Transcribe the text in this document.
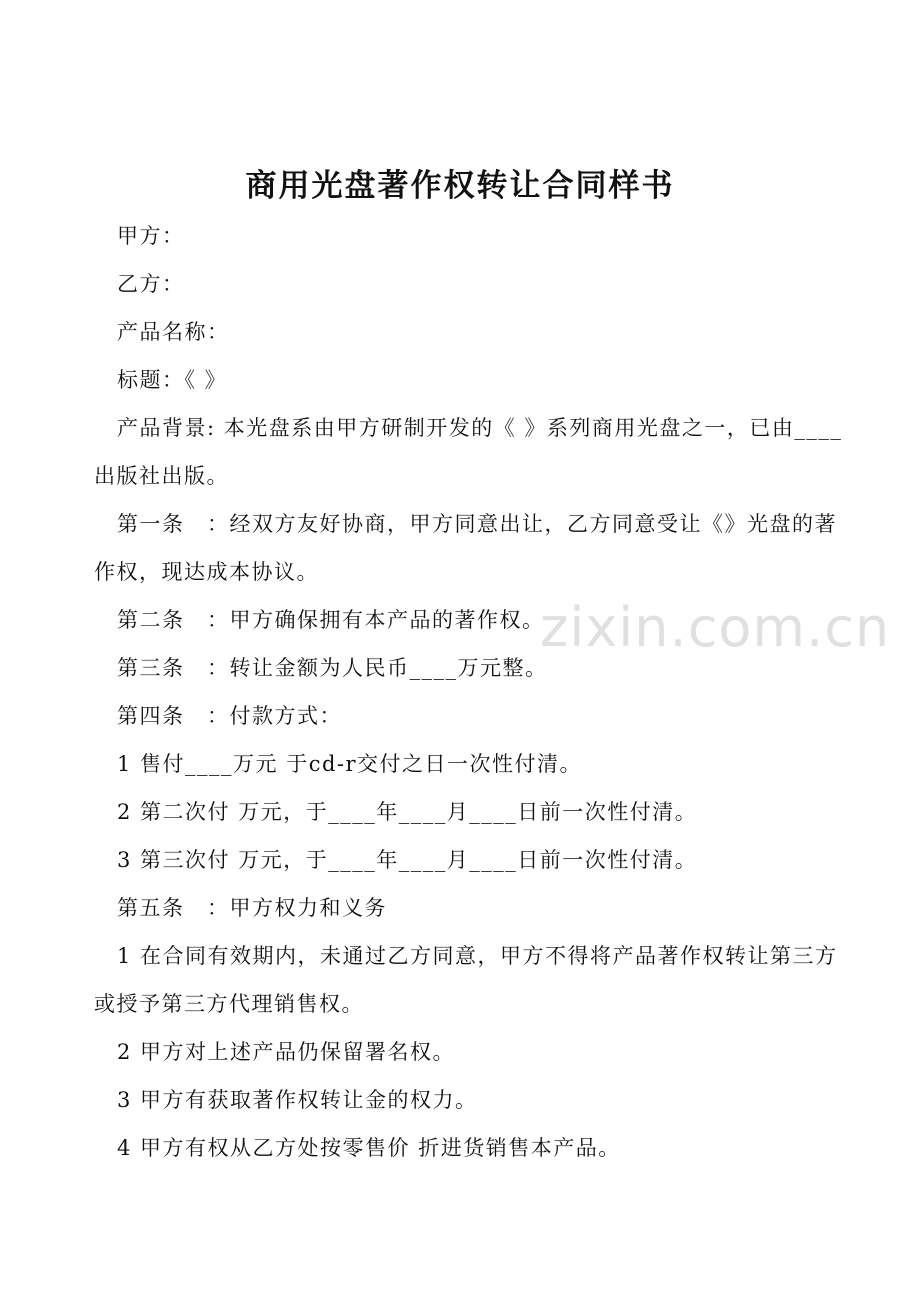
商用光盘著作权转让合同样书

甲方：

乙方：

产品名称：

标题：《 》

产品背景: 本光盘系由甲方研制开发的《 》系列商用光盘之一，已由____出版社出版。

第一条　：经双方友好协商，甲方同意出让，乙方同意受让《》光盘的著作权，现达成本协议。

第二条　：甲方确保拥有本产品的著作权。

第三条　：转让金额为人民币____万元整。

第四条　：付款方式：

1 售付____万元 于cd-r交付之日一次性付清。

2 第二次付 万元，于____年____月____日前一次性付清。

3 第三次付 万元，于____年____月____日前一次性付清。

第五条　：甲方权力和义务

1 在合同有效期内，未通过乙方同意，甲方不得将产品著作权转让第三方或授予第三方代理销售权。

2 甲方对上述产品仍保留署名权。

3 甲方有获取著作权转让金的权力。

4 甲方有权从乙方处按零售价 折进货销售本产品。

zixin.com.cn
